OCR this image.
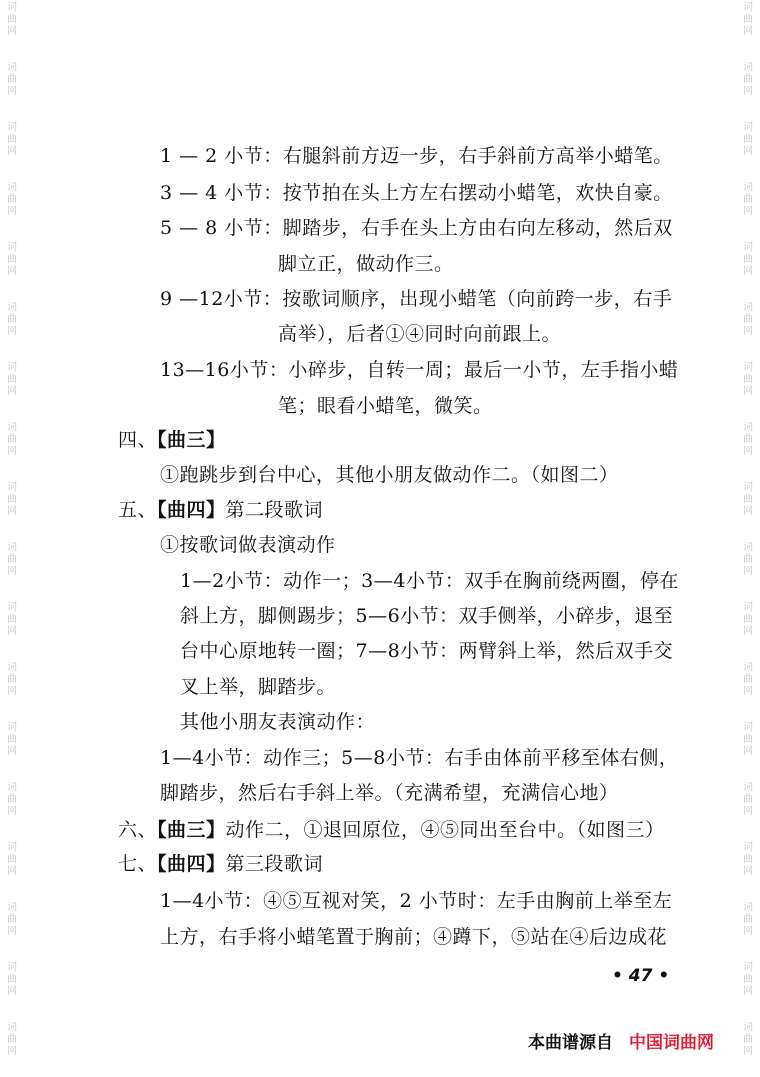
词
曲
网
词
曲
网
词
曲
网
词
曲
网
词
曲
网
词
曲
网
词
曲
网
词
曲
网
词
曲
网
词
曲
网
词
曲
网
词
曲
网
词
曲
网
词
曲
网
词
曲
网
词
曲
网
词
曲
网
词
曲
网
词
曲
网
词
曲
网
词
曲
网
词
曲
网
词
曲
网
词
曲
网
词
曲
网
词
曲
网
词
曲
网
词
曲
网
词
曲
网
词
曲
网
词
曲
网
词
曲
网
词
曲
网
词
曲
网
词
曲
网
词
曲
网
1 — 2 小节：右腿斜前方迈一步，右手斜前方高举小蜡笔。
3 — 4 小节：按节拍在头上方左右摆动小蜡笔，欢快自豪。
5 — 8 小节：脚踏步，右手在头上方由右向左移动，然后双
脚立正，做动作三。
9 —12小节：按歌词顺序，出现小蜡笔（向前跨一步，右手
高举），后者①④同时向前跟上。
13—16小节：小碎步，自转一周；最后一小节，左手指小蜡
笔；眼看小蜡笔，微笑。
四、【曲三】
①跑跳步到台中心，其他小朋友做动作二。（如图二）
五、【曲四】第二段歌词
①按歌词做表演动作
1—2小节：动作一；3—4小节：双手在胸前绕两圈，停在
斜上方，脚侧踢步；5—6小节：双手侧举，小碎步，退至
台中心原地转一圈；7—8小节：两臂斜上举，然后双手交
叉上举，脚踏步。
其他小朋友表演动作：
1—4小节：动作三；5—8小节：右手由体前平移至体右侧，
脚踏步，然后右手斜上举。（充满希望，充满信心地）
六、【曲三】动作二，①退回原位，④⑤同出至台中。（如图三）
七、【曲四】第三段歌词
1—4小节：④⑤互视对笑，2 小节时：左手由胸前上举至左
上方，右手将小蜡笔置于胸前；④蹲下，⑤站在④后边成花
• 47 •
本曲谱源自 中国词曲网
